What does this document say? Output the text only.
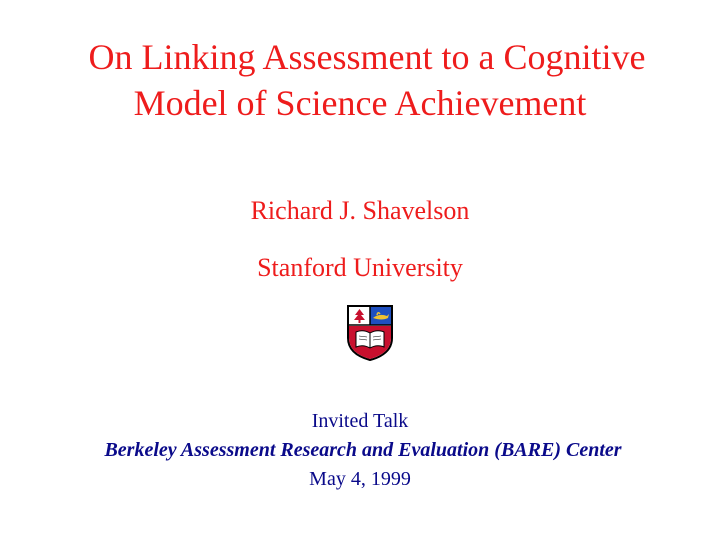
On Linking Assessment to a Cognitive
Model of Science Achievement
Richard J. Shavelson
Stanford University
Invited Talk
Berkeley Assessment Research and Evaluation (BARE) Center
May 4, 1999
